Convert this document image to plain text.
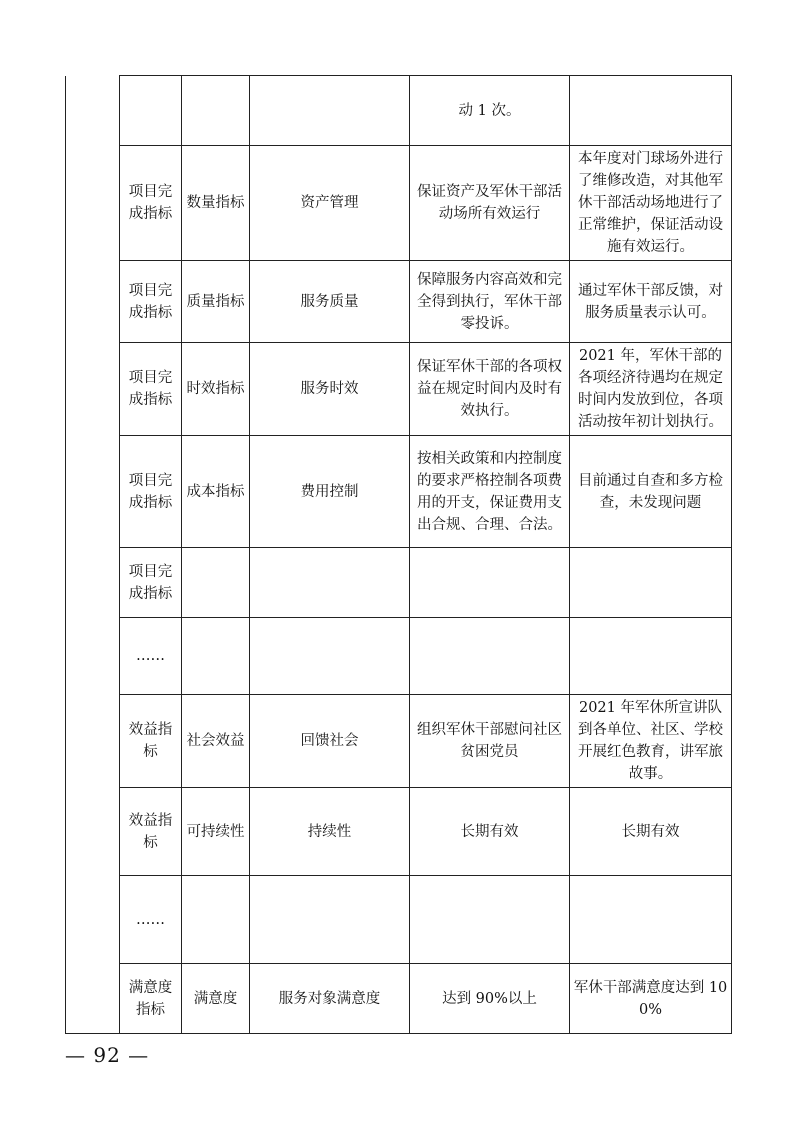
				动 1 次。	
	项目完成指标	数量指标	资产管理	保证资产及军休干部活动场所有效运行	本年度对门球场外进行了维修改造，对其他军休干部活动场地进行了正常维护，保证活动设施有效运行。
	项目完成指标	质量指标	服务质量	保障服务内容高效和完全得到执行，军休干部零投诉。	通过军休干部反馈，对服务质量表示认可。
	项目完成指标	时效指标	服务时效	保证军休干部的各项权益在规定时间内及时有效执行。	2021 年，军休干部的各项经济待遇均在规定时间内发放到位，各项活动按年初计划执行。
	项目完成指标	成本指标	费用控制	按相关政策和内控制度的要求严格控制各项费用的开支，保证费用支出合规、合理、合法。	目前通过自查和多方检查，未发现问题
	项目完成指标				
	……				
	效益指标	社会效益	回馈社会	组织军休干部慰问社区贫困党员	2021 年军休所宣讲队到各单位、社区、学校开展红色教育，讲军旅故事。
	效益指标	可持续性	持续性	长期有效	长期有效
	……				
	满意度指标	满意度	服务对象满意度	达到 90%以上	军休干部满意度达到 100%
— 92 —
